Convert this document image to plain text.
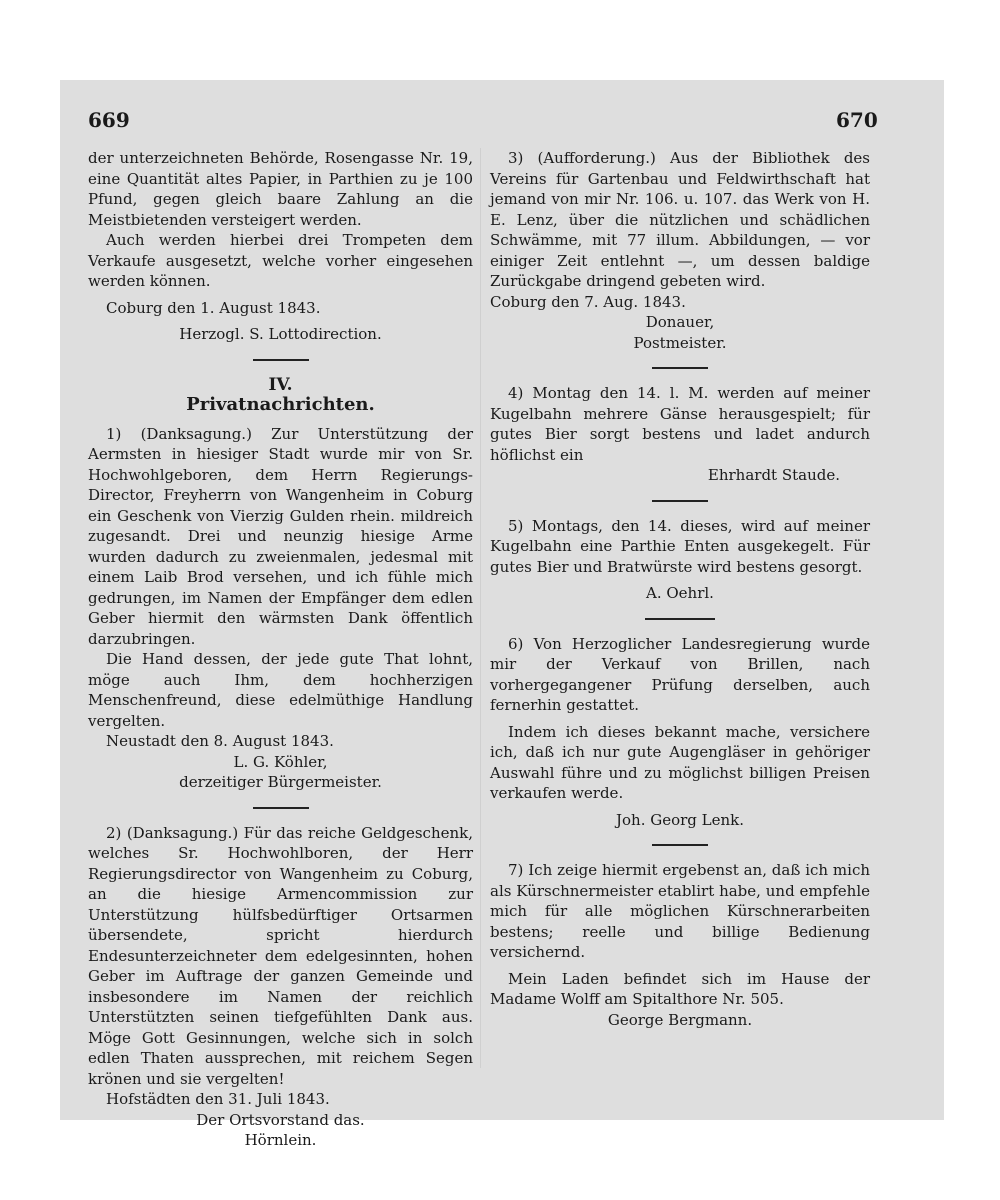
669	670

der unterzeichneten Behörde, Rosengasse Nr. 19, eine Quantität altes Papier, in Parthien zu je 100 Pfund, gegen gleich baare Zahlung an die Meistbietenden versteigert werden.

Auch werden hierbei drei Trompeten dem Verkaufe ausgesetzt, welche vorher eingesehen werden können.

Coburg den 1. August 1843.

Herzogl. S. Lottodirection.

IV.
Privatnachrichten.

1) (Danksagung.) Zur Unterstützung der Aermsten in hiesiger Stadt wurde mir von Sr. Hochwohlgeboren, dem Herrn Regierungs-Director, Freyherrn von Wangenheim in Coburg ein Geschenk von Vierzig Gulden rhein. mildreich zugesandt. Drei und neunzig hiesige Arme wurden dadurch zu zweienmalen, jedesmal mit einem Laib Brod versehen, und ich fühle mich gedrungen, im Namen der Empfänger dem edlen Geber hiermit den wärmsten Dank öffentlich darzubringen.

Die Hand dessen, der jede gute That lohnt, möge auch Ihm, dem hochherzigen Menschenfreund, diese edelmüthige Handlung vergelten.

Neustadt den 8. August 1843.

L. G. Köhler,

derzeitiger Bürgermeister.

2) (Danksagung.) Für das reiche Geldgeschenk, welches Sr. Hochwohlboren, der Herr Regierungsdirector von Wangenheim zu Coburg, an die hiesige Armencommission zur Unterstützung hülfsbedürftiger Ortsarmen übersendete, spricht hierdurch Endesunterzeichneter dem edelgesinnten, hohen Geber im Auftrage der ganzen Gemeinde und insbesondere im Namen der reichlich Unterstützten seinen tiefgefühlten Dank aus. Möge Gott Gesinnungen, welche sich in solch edlen Thaten aussprechen, mit reichem Segen krönen und sie vergelten!

Hofstädten den 31. Juli 1843.

Der Ortsvorstand das.

Hörnlein.

3) (Aufforderung.) Aus der Bibliothek des Vereins für Gartenbau und Feldwirthschaft hat jemand von mir Nr. 106. u. 107. das Werk von H. E. Lenz, über die nützlichen und schädlichen Schwämme, mit 77 illum. Abbildungen, — vor einiger Zeit entlehnt —, um dessen baldige Zurückgabe dringend gebeten wird.

Coburg den 7. Aug. 1843.

Donauer,

Postmeister.

4) Montag den 14. l. M. werden auf meiner Kugelbahn mehrere Gänse herausgespielt; für gutes Bier sorgt bestens und ladet andurch höflichst ein

Ehrhardt Staude.

5) Montags, den 14. dieses, wird auf meiner Kugelbahn eine Parthie Enten ausgekegelt. Für gutes Bier und Bratwürste wird bestens gesorgt.

A. Oehrl.

6) Von Herzoglicher Landesregierung wurde mir der Verkauf von Brillen, nach vorhergegangener Prüfung derselben, auch fernerhin gestattet.

Indem ich dieses bekannt mache, versichere ich, daß ich nur gute Augengläser in gehöriger Auswahl führe und zu möglichst billigen Preisen verkaufen werde.

Joh. Georg Lenk.

7) Ich zeige hiermit ergebenst an, daß ich mich als Kürschnermeister etablirt habe, und empfehle mich für alle möglichen Kürschnerarbeiten bestens; reelle und billige Bedienung versichernd.

Mein Laden befindet sich im Hause der Madame Wolff am Spitalthore Nr. 505.

George Bergmann.
